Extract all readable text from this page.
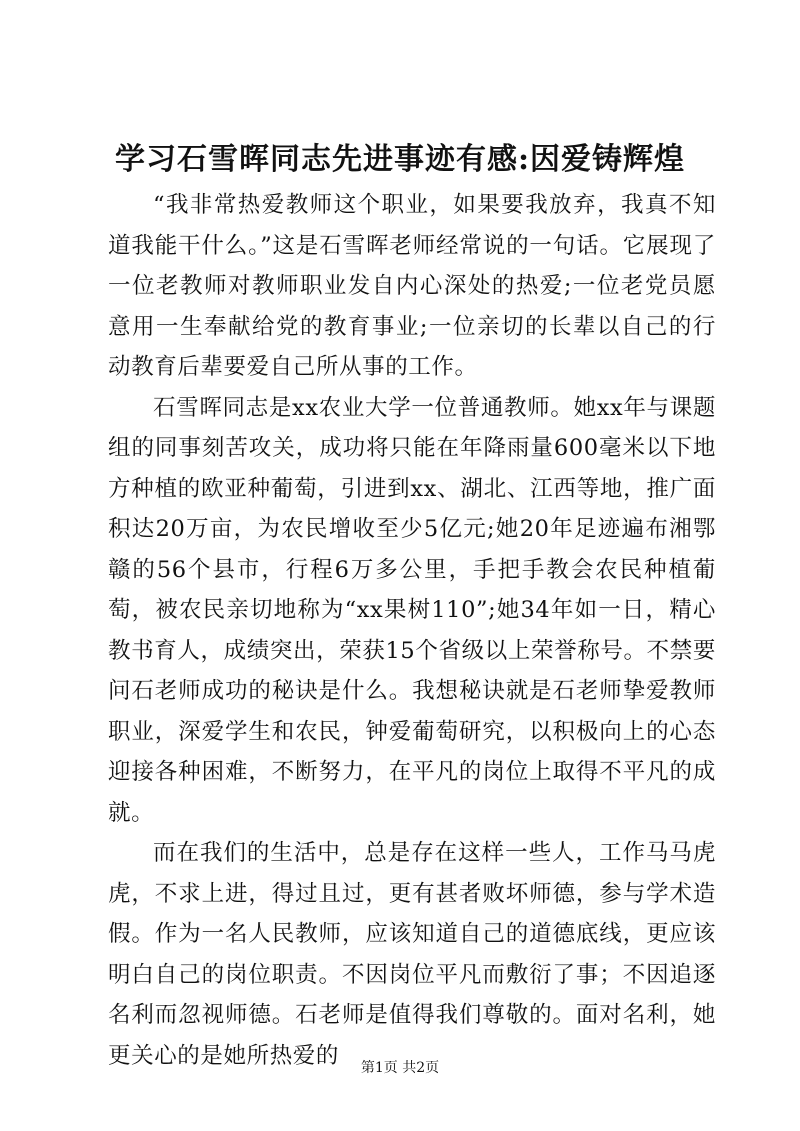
学习石雪晖同志先进事迹有感:因爱铸辉煌

“我非常热爱教师这个职业，如果要我放弃，我真不知道我能干什么。”这是石雪晖老师经常说的一句话。它展现了一位老教师对教师职业发自内心深处的热爱;一位老党员愿意用一生奉献给党的教育事业;一位亲切的长辈以自己的行动教育后辈要爱自己所从事的工作。

石雪晖同志是xx农业大学一位普通教师。她xx年与课题组的同事刻苦攻关，成功将只能在年降雨量600毫米以下地方种植的欧亚种葡萄，引进到xx、湖北、江西等地，推广面积达20万亩，为农民增收至少5亿元;她20年足迹遍布湘鄂赣的56个县市，行程6万多公里，手把手教会农民种植葡萄，被农民亲切地称为“xx果树110”;她34年如一日，精心教书育人，成绩突出，荣获15个省级以上荣誉称号。不禁要问石老师成功的秘诀是什么。我想秘诀就是石老师挚爱教师职业，深爱学生和农民，钟爱葡萄研究，以积极向上的心态迎接各种困难，不断努力，在平凡的岗位上取得不平凡的成就。

而在我们的生活中，总是存在这样一些人，工作马马虎虎，不求上进，得过且过，更有甚者败坏师德，参与学术造假。作为一名人民教师，应该知道自己的道德底线，更应该明白自己的岗位职责。不因岗位平凡而敷衍了事；不因追逐名利而忽视师德。石老师是值得我们尊敬的。面对名利，她更关心的是她所热爱的	第1页 共2页
